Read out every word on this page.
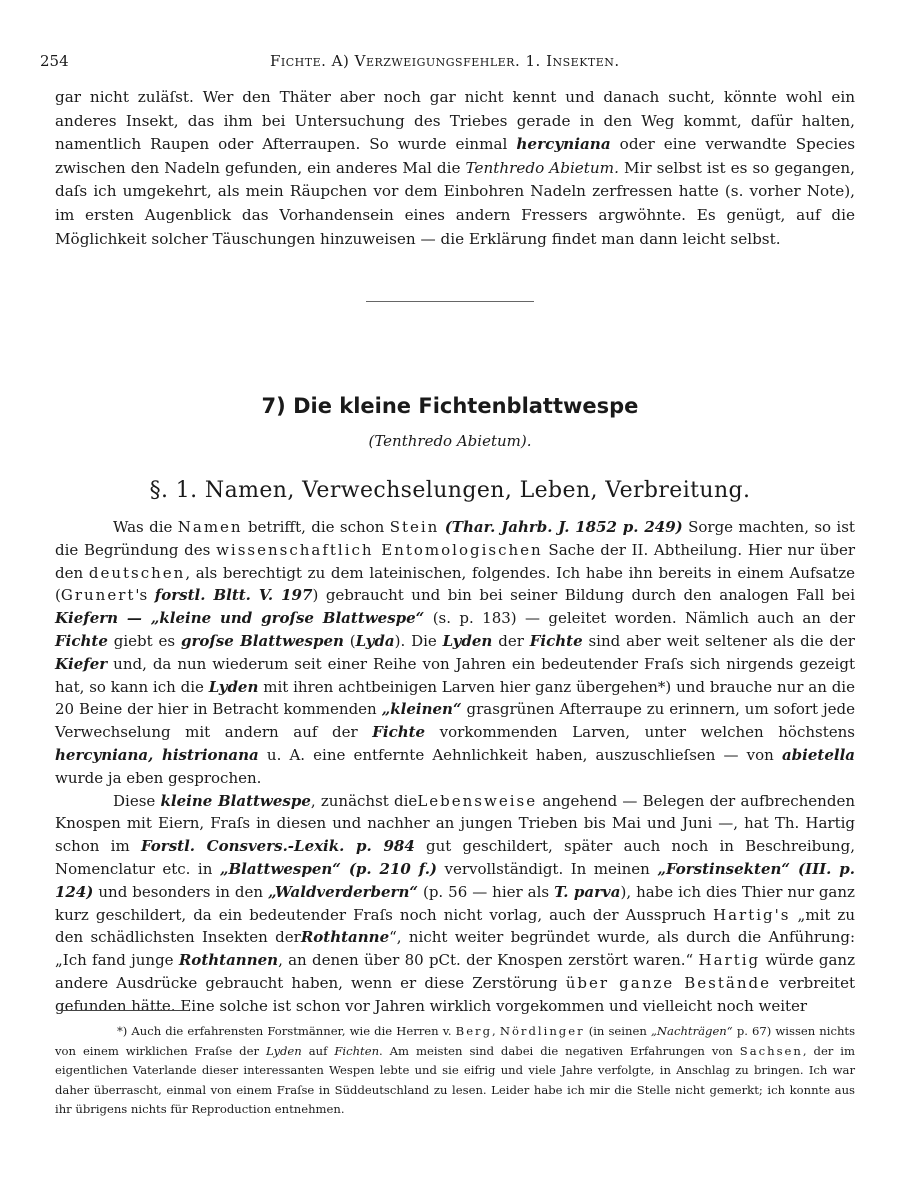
254	Fichte. A) Verzweigungsfehler. 1. Insekten.

gar nicht zuläſst. Wer den Thäter aber noch gar nicht kennt und danach sucht, könnte wohl ein anderes Insekt, das ihm bei Untersuchung des Triebes gerade in den Weg kommt, dafür halten, namentlich Raupen oder Afterraupen. So wurde einmal hercyniana oder eine verwandte Species zwischen den Nadeln gefunden, ein anderes Mal die Tenthredo Abietum. Mir selbst ist es so gegangen, daſs ich umgekehrt, als mein Räupchen vor dem Einbohren Nadeln zerfressen hatte (s. vorher Note), im ersten Augenblick das Vorhandensein eines andern Fressers argwöhnte. Es genügt, auf die Möglichkeit solcher Täuschungen hinzuweisen — die Erklärung findet man dann leicht selbst.

7) Die kleine Fichtenblattwespe
(Tenthredo Abietum).
§. 1. Namen, Verwechselungen, Leben, Verbreitung.

Was die Namen betrifft, die schon Stein (Thar. Jahrb. J. 1852 p. 249) Sorge machten, so ist die Begründung des wissenschaftlich Entomologischen Sache der II. Abtheilung. Hier nur über den deutschen, als berechtigt zu dem lateinischen, folgendes. Ich habe ihn bereits in einem Aufsatze (Grunert's forstl. Bltt. V. 197) gebraucht und bin bei seiner Bildung durch den analogen Fall bei Kiefern — „kleine und groſse Blattwespe“ (s. p. 183) — geleitet worden. Nämlich auch an der Fichte giebt es groſse Blattwespen (Lyda). Die Lyden der Fichte sind aber weit seltener als die der Kiefer und, da nun wiederum seit einer Reihe von Jahren ein bedeutender Fraſs sich nirgends gezeigt hat, so kann ich die Lyden mit ihren achtbeinigen Larven hier ganz übergehen*) und brauche nur an die 20 Beine der hier in Betracht kommenden „kleinen“ grasgrünen Afterraupe zu erinnern, um sofort jede Verwechselung mit andern auf der Fichte vorkommenden Larven, unter welchen höchstens hercyniana, histrionana u. A. eine entfernte Aehnlichkeit haben, auszuschlieſsen — von abietella wurde ja eben gesprochen.

Diese kleine Blattwespe, zunächst dieLebensweise angehend — Belegen der aufbrechenden Knospen mit Eiern, Fraſs in diesen und nachher an jungen Trieben bis Mai und Juni —, hat Th. Hartig schon im Forstl. Consvers.-Lexik. p. 984 gut geschildert, später auch noch in Beschreibung, Nomenclatur etc. in „Blattwespen“ (p. 210 f.) vervollständigt. In meinen „Forstinsekten“ (III. p. 124) und besonders in den „Waldverderbern“ (p. 56 — hier als T. parva), habe ich dies Thier nur ganz kurz geschildert, da ein bedeutender Fraſs noch nicht vorlag, auch der Ausspruch Hartig's „mit zu den schädlichsten Insekten derRothtanne“, nicht weiter begründet wurde, als durch die Anführung: „Ich fand junge Rothtannen, an denen über 80 pCt. der Knospen zerstört waren.“ Hartig würde ganz andere Ausdrücke gebraucht haben, wenn er diese Zerstörung über ganze Bestände verbreitet gefunden hätte. Eine solche ist schon vor Jahren wirklich vorgekommen und vielleicht noch weiter

*) Auch die erfahrensten Forstmänner, wie die Herren v. Berg, Nördlinger (in seinen „Nachträgen“ p. 67) wissen nichts von einem wirklichen Fraſse der Lyden auf Fichten. Am meisten sind dabei die negativen Erfahrungen von Sachsen, der im eigentlichen Vaterlande dieser interessanten Wespen lebte und sie eifrig und viele Jahre verfolgte, in Anschlag zu bringen. Ich war daher überrascht, einmal von einem Fraſse in Süddeutschland zu lesen. Leider habe ich mir die Stelle nicht gemerkt; ich konnte aus ihr übrigens nichts für Reproduction entnehmen.
